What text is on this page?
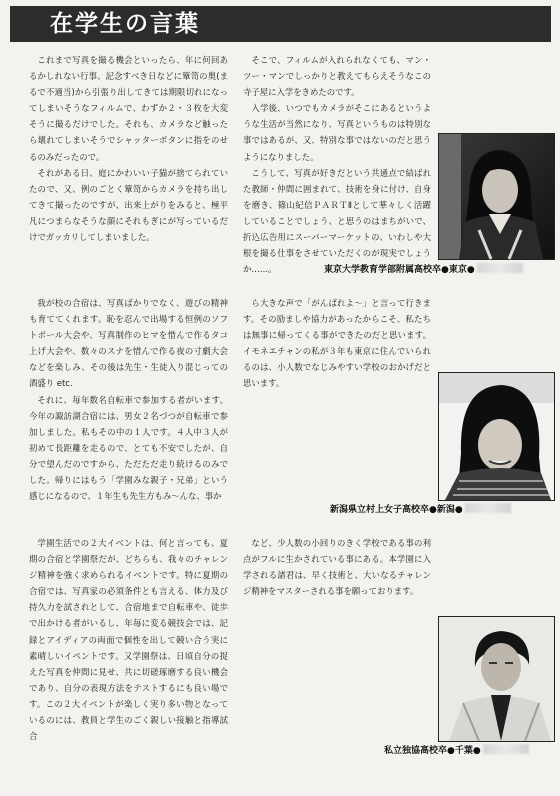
在学生の言葉

これまで写真を撮る機会といったら、年に何回あるかしれない行事、記念すべき日などに簞笥の奥(まるで不適当)から引張り出してきては期限切れになってしまいそうなフィルムで、わずか２・３枚を大変そうに撮るだけでした。それも、カメラなど触ったら壊れてしまいそうでシャッターボタンに指をのせるのみだったので。

それがある日、庭にかわいい子猫が捨てられていたので、又、例のごとく簞笥からカメラを持ち出してきて撮ったのですが、出来上がりをみると、極平凡につまらなそうな顔にそれもぎにが写っているだけでガッカリしてしまいました。

そこで、フィルムが入れられなくても、マン・ツー・マンでしっかりと教えてもらえそうなこの寺子屋に入学をきめたのです。

入学後、いつでもカメラがそこにあるというような生活が当然になり、写真というものは特別な事ではあるが、又、特別な事ではないのだと思うようになりました。

こうして、写真が好きだという共通点で結ばれた教師・仲間に囲まれて、技術を身に付け、自身を磨き、篠山紀信ＰＡＲＴⅡとして華々しく活躍していることでしょう、と思うのはまちがいで、折込広告用にスーパーマーケットの、いわしや大根を撮る仕事をさせていただくのが現実でしょうか……。	東京大学教育学部附属高校卒●東京●

我が校の合宿は、写真ばかりでなく、遊びの精神も育ててくれます。恥を忍んで出場する恒例のソフトボール大会や、写真制作のヒマを惜んで作るタコ上げ大会や、数々のスナを惜んで作る夜の寸劇大会などを楽しみ、その後は先生・生徒入り混じっての酒盛り etc.

それに、毎年数名自転車で参加する者がいます。今年の諏訪湖合宿には、男女２名づつが自転車で参加しました。私もその中の１人です。４人中３人が初めて長距離を走るので、とても不安でしたが、自分で望んだのですから、ただただ走り続けるのみでした。帰りにはもう「学園みな親子・兄弟」という感じになるので、１年生も先生方もみ～んな、事か

ら大きな声で「がんばれよ〜」と言って行きます。その励ましや協力があったからこそ、私たちは無事に帰ってくる事ができたのだと思います。イモネエチャンの私が３年も東京に住んでいられるのは、小人数でなじみやすい学校のおかげだと思います。

新潟県立村上女子高校卒●新潟●

学園生活での２大イベントは、何と言っても、夏期の合宿と学園祭だが、どちらも、我々のチャレンジ精神を強く求められるイベントです。特に夏期の合宿では、写真家の必須条件とも言える、体力及び持久力を試されとして、合宿地まで自転車や、徒歩で出かける者がいるし、年毎に変る競技会では、記録とアイディアの両面で個性を出して競い合う実に素晴しいイベントです。又学園祭は、日頃自分の捉えた写真を仲間に見せ、共に切磋琢磨する良い機会であり、自分の表現方法をテストするにも良い場です。この２大イベントが楽しく実り多い物となっているのには、教員と学生のごく親しい接触と指導試合

など、少人数の小回りのきく学校である事の利点がフルに生かされている事にある。本学園に入学される諸君は、早く技術と、大いなるチャレンジ精神をマスターされる事を願っております。

私立独協高校卒●千葉●
